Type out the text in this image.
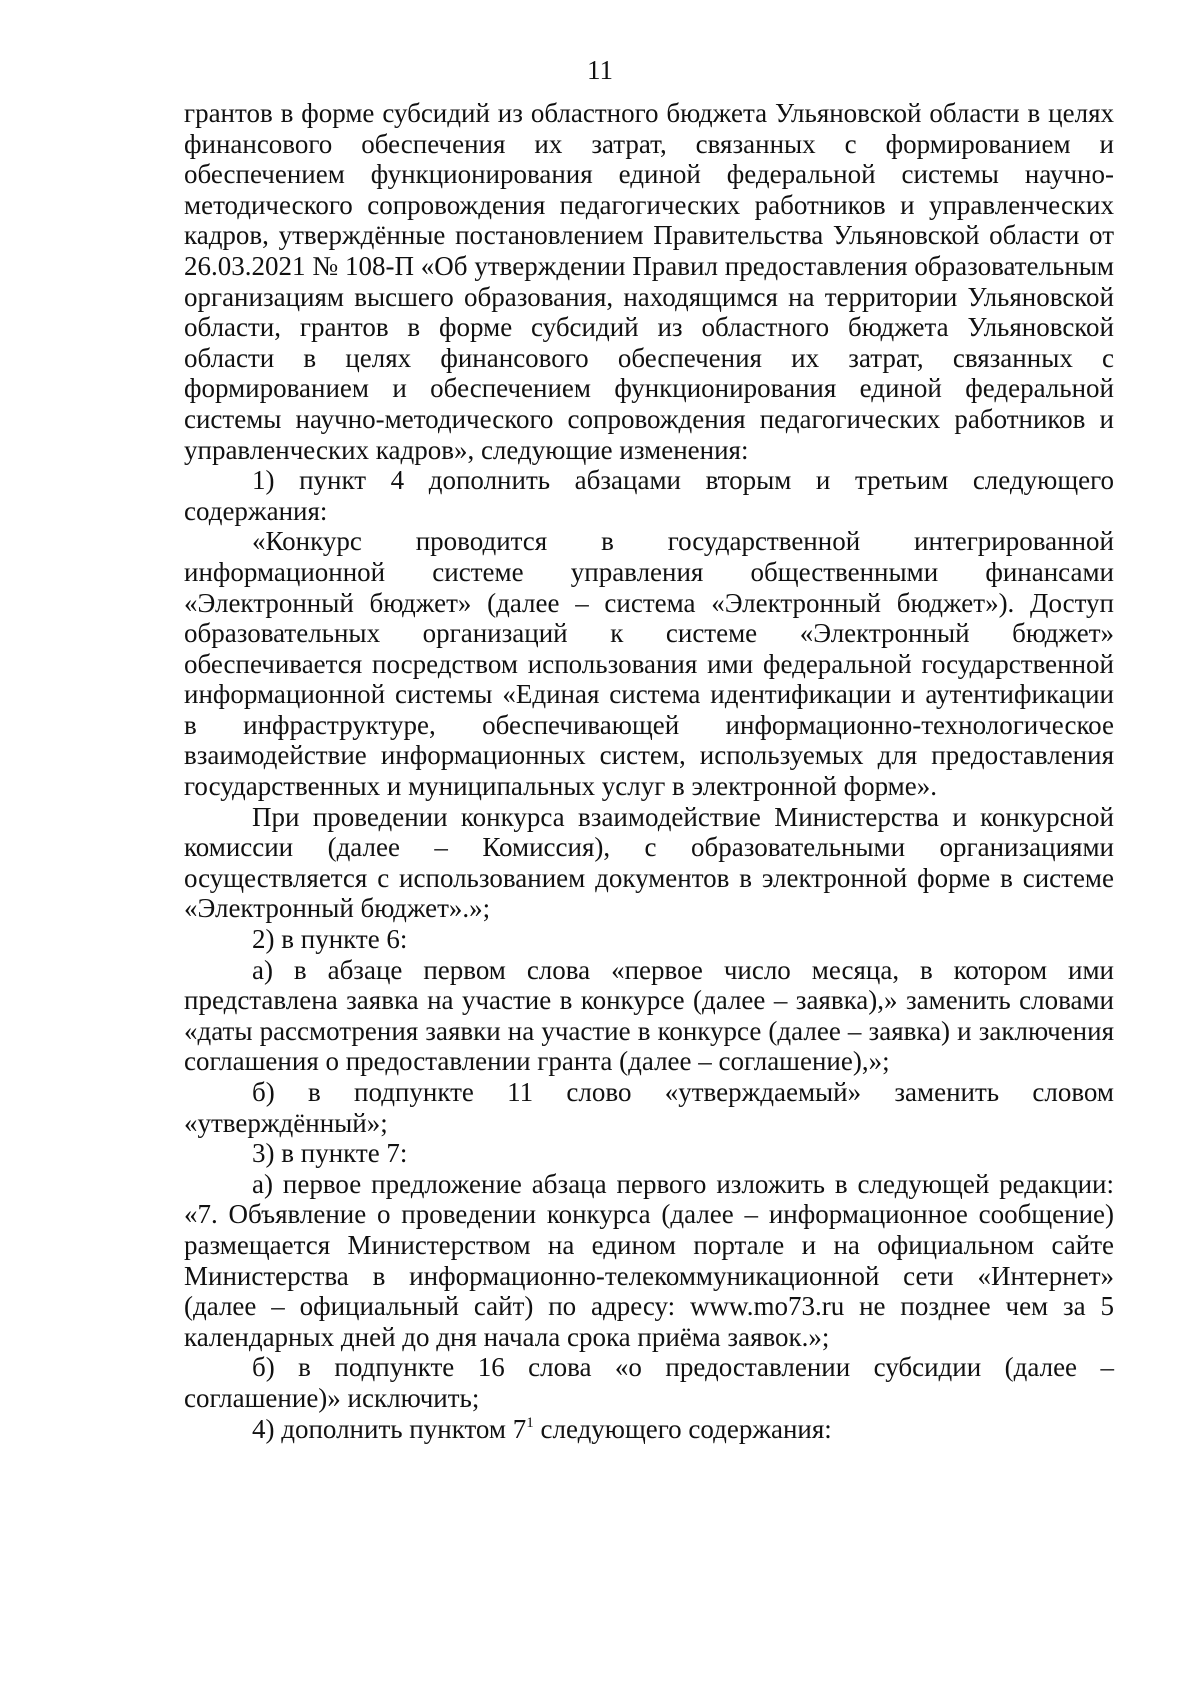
11

грантов в форме субсидий из областного бюджета Ульяновской области в целях финансового обеспечения их затрат, связанных с формированием и обеспечением функционирования единой федеральной системы научно-методического сопровождения педагогических работников и управленческих кадров, утверждённые постановлением Правительства Ульяновской области от 26.03.2021 № 108-П «Об утверждении Правил предоставления образовательным организациям высшего образования, находящимся на территории Ульяновской области, грантов в форме субсидий из областного бюджета Ульяновской области в целях финансового обеспечения их затрат, связанных с формированием и обеспечением функционирования единой федеральной системы научно-методического сопровождения педагогических работников и управленческих кадров», следующие изменения:

1) пункт 4 дополнить абзацами вторым и третьим следующего содержания:

«Конкурс проводится в государственной интегрированной информационной системе управления общественными финансами «Электронный бюджет» (далее – система «Электронный бюджет»). Доступ образовательных организаций к системе «Электронный бюджет» обеспечивается посредством использования ими федеральной государственной информационной системы «Единая система идентификации и аутентификации в инфраструктуре, обеспечивающей информационно-технологическое взаимодействие информационных систем, используемых для предоставления государственных и муниципальных услуг в электронной форме».

При проведении конкурса взаимодействие Министерства и конкурсной комиссии (далее – Комиссия), с образовательными организациями осуществляется с использованием документов в электронной форме в системе «Электронный бюджет».»;

2) в пункте 6:

а) в абзаце первом слова «первое число месяца, в котором ими представлена заявка на участие в конкурсе (далее – заявка),» заменить словами «даты рассмотрения заявки на участие в конкурсе (далее – заявка) и заключения соглашения о предоставлении гранта (далее – соглашение),»;

б) в подпункте 11 слово «утверждаемый» заменить словом «утверждённый»;

3) в пункте 7:

а) первое предложение абзаца первого изложить в следующей редакции: «7. Объявление о проведении конкурса (далее – информационное сообщение) размещается Министерством на едином портале и на официальном сайте Министерства в информационно-телекоммуникационной сети «Интернет» (далее – официальный сайт) по адресу: www.mo73.ru не позднее чем за 5 календарных дней до дня начала срока приёма заявок.»;

б) в подпункте 16 слова «о предоставлении субсидии (далее – соглашение)» исключить;

4) дополнить пунктом $7^1$ следующего содержания:
